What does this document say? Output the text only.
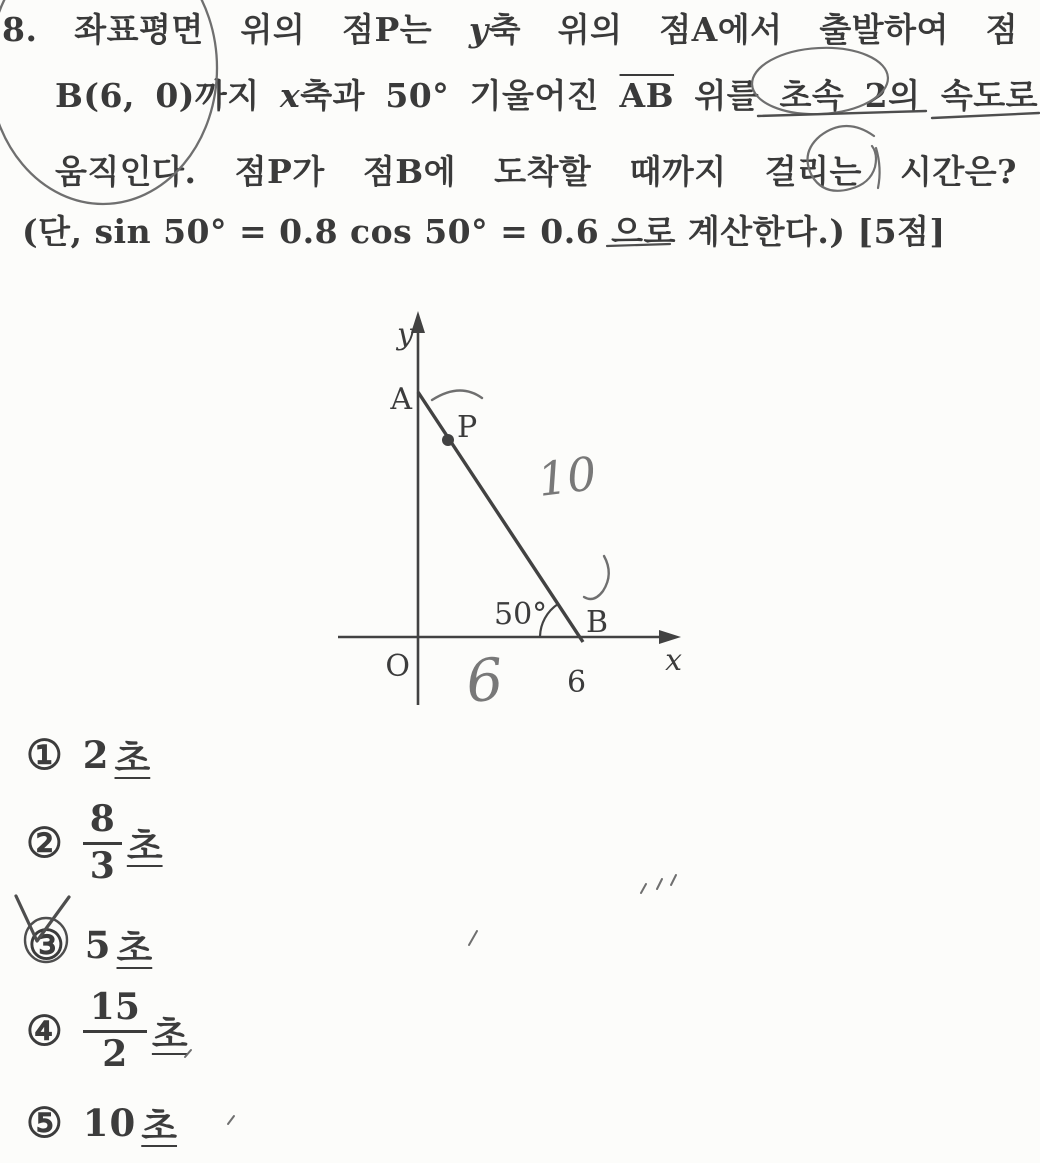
8. 좌표평면 위의 점P는 y축 위의 점A에서 출발하여 점
B(6, 0)까지 x축과 50° 기울어진 $\overline{AB}$ 위를 초속 2의 속도로
움직인다. 점P가 점B에 도착할 때까지 걸리는 시간은?
(단, sin 50° = 0.8 cos 50° = 0.6 으로 계산한다.) [5점]
y
x
A
P
B
50°
O	6
① 2 초
② $\frac{8}{3}$ 초
③ 5 초
④ $\frac{15}{2}$ 초
⑤ 10 초
10
6
